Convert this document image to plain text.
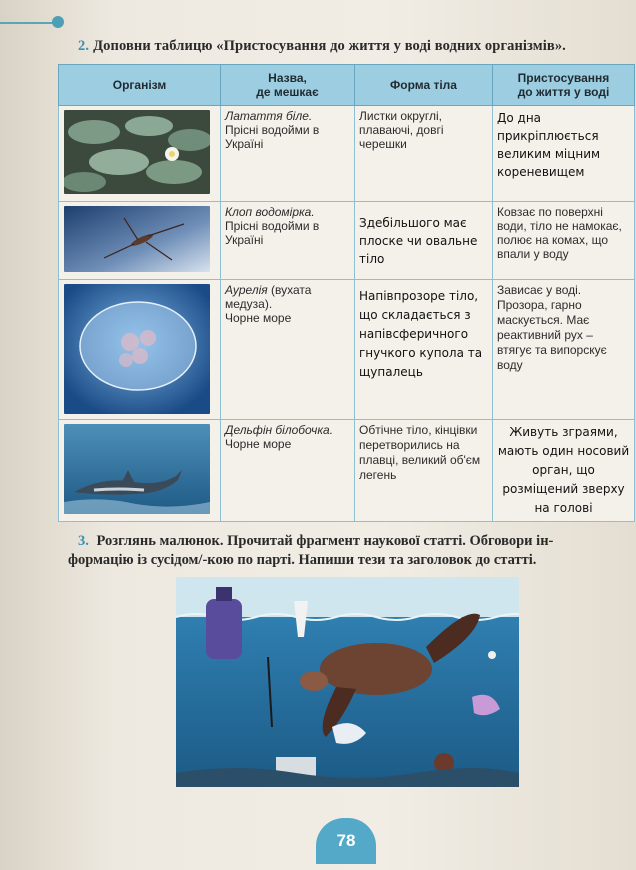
2. Доповни таблицю «Пристосування до життя у воді водних організмів».
Організм	Назва,
де мешкає	Форма тіла	Пристосування
до життя у воді

Латаття біле.
Прісні водойми в Україні	Листки округлі, плаваючі, довгі черешки	До дна прикріплюється великим міцним кореневищем

Клоп водомірка.
Прісні водойми в Україні	Здебільшого має плоске чи овальне тіло	Ковзає по поверхні води, тіло не намокає, полює на комах, що впали у воду

Аурелія (вухата медуза).
Чорне море	Напівпрозоре тіло, що складається з напівсферичного гнучкого купола та щупалець	Зависає у воді. Прозора, гарно маскується. Має реактивний рух – втягує та випорскує воду

Дельфін білобочка.
Чорне море	Обтічне тіло, кінцівки перетворились на плавці, великий об'єм легень	Живуть зграями, мають один носовий орган, що розміщений зверху на голові
3. Розглянь малюнок. Прочитай фрагмент наукової статті. Обговори ін-
формацію із сусідом/-кою по парті. Напиши тези та заголовок до статті.
78
